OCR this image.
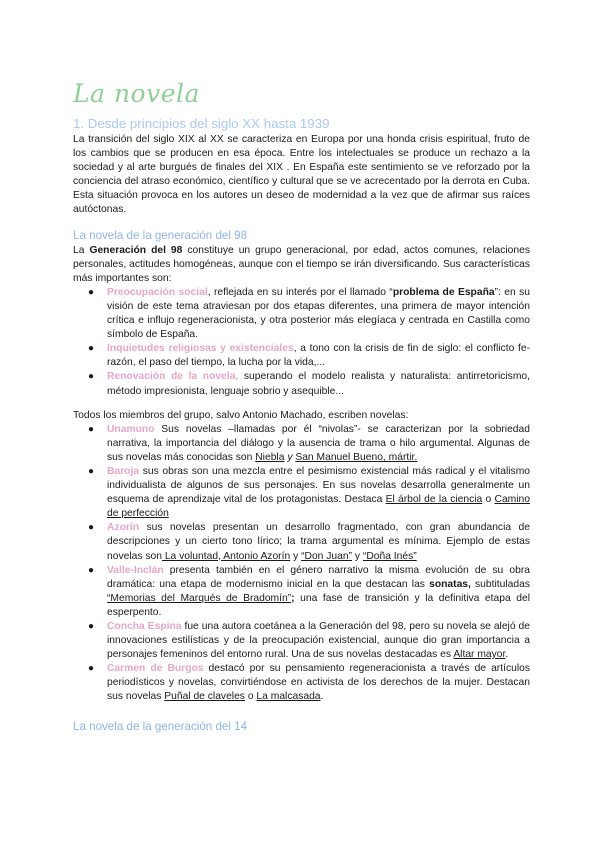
La novela
1. Desde principios del siglo XX hasta 1939

La transición del siglo XIX al XX se caracteriza en Europa por una honda crisis espiritual, fruto de los cambios que se producen en esa época. Entre los intelectuales se produce un rechazo a la sociedad y al arte burgués de finales del XIX . En España este sentimiento se ve reforzado por la conciencia del atraso económico, científico y cultural que se ve acrecentado por la derrota en Cuba. Esta situación provoca en los autores un deseo de modernidad a la vez que de afirmar sus raíces autóctonas.

La novela de la generación del 98

La Generación del 98 constituye un grupo generacional, por edad, actos comunes, relaciones personales, actitudes homogéneas, aunque con el tiempo se irán diversificando. Sus características más importantes son:

● Preocupación social, reflejada en su interés por el llamado “problema de España”: en su visión de este tema atraviesan por dos etapas diferentes, una primera de mayor intención crítica e influjo regeneracionista, y otra posterior más elegíaca y centrada en Castilla como símbolo de España.
● Inquietudes religiosas y existenciales, a tono con la crisis de fin de siglo: el conflicto fe-razón, el paso del tiempo, la lucha por la vida,...
● Renovación de la novela, superando el modelo realista y naturalista: antirretoricismo, método impresionista, lenguaje sobrio y asequible...

Todos los miembros del grupo, salvo Antonio Machado, escriben novelas:

● Unamuno Sus novelas –llamadas por él “nivolas”- se caracterizan por la sobriedad narrativa, la importancia del diálogo y la ausencia de trama o hilo argumental. Algunas de sus novelas más conocidas son Niebla y San Manuel Bueno, mártir.
● Baroja sus obras son una mezcla entre el pesimismo existencial más radical y el vitalismo individualista de algunos de sus personajes. En sus novelas desarrolla generalmente un esquema de aprendizaje vital de los protagonistas. Destaca El árbol de la ciencia o Camino de perfección
● Azorín sus novelas presentan un desarrollo fragmentado, con gran abundancia de descripciones y un cierto tono lírico; la trama argumental es mínima. Ejemplo de estas novelas son La voluntad, Antonio Azorín y “Don Juan” y “Doña Inés”
● Valle-Inclán presenta también en el género narrativo la misma evolución de su obra dramática: una etapa de modernismo inicial en la que destacan las sonatas, subtituladas “Memorias del Marqués de Bradomín”; una fase de transición y la definitiva etapa del esperpento.
● Concha Espina fue una autora coetánea a la Generación del 98, pero su novela se alejó de innovaciones estilísticas y de la preocupación existencial, aunque dio gran importancia a personajes femeninos del entorno rural. Una de sus novelas destacadas es Altar mayor.
● Carmen de Burgos destacó por su pensamiento regeneracionista a través de artículos periodísticos y novelas, convirtiéndose en activista de los derechos de la mujer. Destacan sus novelas Puñal de claveles o La malcasada.
La novela de la generación del 14
